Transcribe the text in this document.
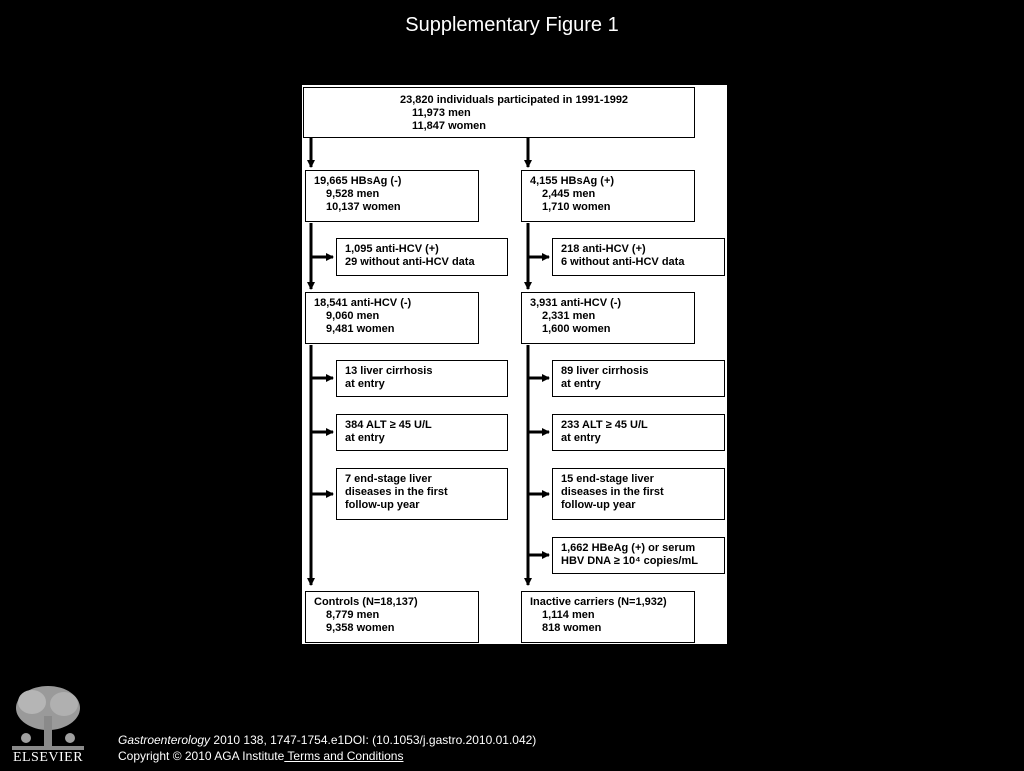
Supplementary Figure 1
23,820 individuals participated in 1991-1992
11,973 men
11,847 women
19,665 HBsAg (-)
9,528 men
10,137 women
1,095 anti-HCV (+)
29 without anti-HCV data
18,541 anti-HCV (-)
9,060 men
9,481 women
13 liver cirrhosis
at entry
384 ALT ≥ 45 U/L
at entry
7 end-stage liver
diseases in the first
follow-up year
Controls (N=18,137)
8,779 men
9,358 women
4,155 HBsAg (+)
2,445 men
1,710 women
218 anti-HCV (+)
6 without anti-HCV data
3,931 anti-HCV (-)
2,331 men
1,600 women
89 liver cirrhosis
at entry
233 ALT ≥ 45 U/L
at entry
15 end-stage liver
diseases in the first
follow-up year
1,662 HBeAg (+) or serum
HBV DNA ≥ 10⁴ copies/mL
Inactive carriers (N=1,932)
1,114 men
818 women
ELSEVIER
Gastroenterology 2010 138, 1747-1754.e1DOI: (10.1053/j.gastro.2010.01.042)
Copyright © 2010 AGA Institute Terms and Conditions
